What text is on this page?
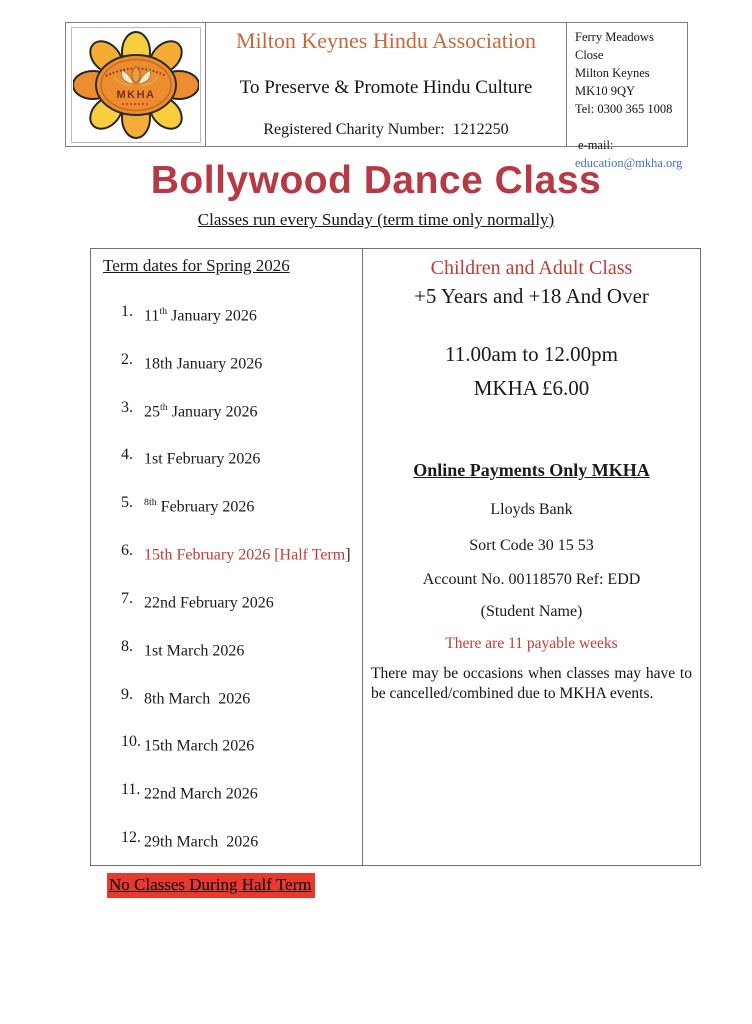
MKHA
Milton Keynes Hindu Association
To Preserve & Promote Hindu Culture
Registered Charity Number:  1212250
Ferry Meadows Close
Milton Keynes
MK10 9QY
Tel: 0300 365 1008
e-mail:
education@mkha.org
Bollywood Dance Class
Classes run every Sunday (term time only normally)
Term dates for Spring 2026
1. 11th January 2026
2. 18th January 2026
3. 25th January 2026
4. 1st February 2026
5.	$^{8th}$ February 2026
6. 15th February 2026 [Half Term]
7. 22nd February 2026
8. 1st March 2026
9. 8th March  2026
10. 15th March 2026
11. 22nd March 2026
12. 29th March  2026
No Classes During Half Term
Children and Adult Class
+5 Years and +18 And Over
11.00am to 12.00pm
MKHA £6.00
Online Payments Only MKHA
Lloyds Bank
Sort Code 30 15 53
Account No. 00118570 Ref: EDD
(Student Name)
There are 11 payable weeks

There may be occasions when classes may have to be cancelled/combined due to MKHA events.
